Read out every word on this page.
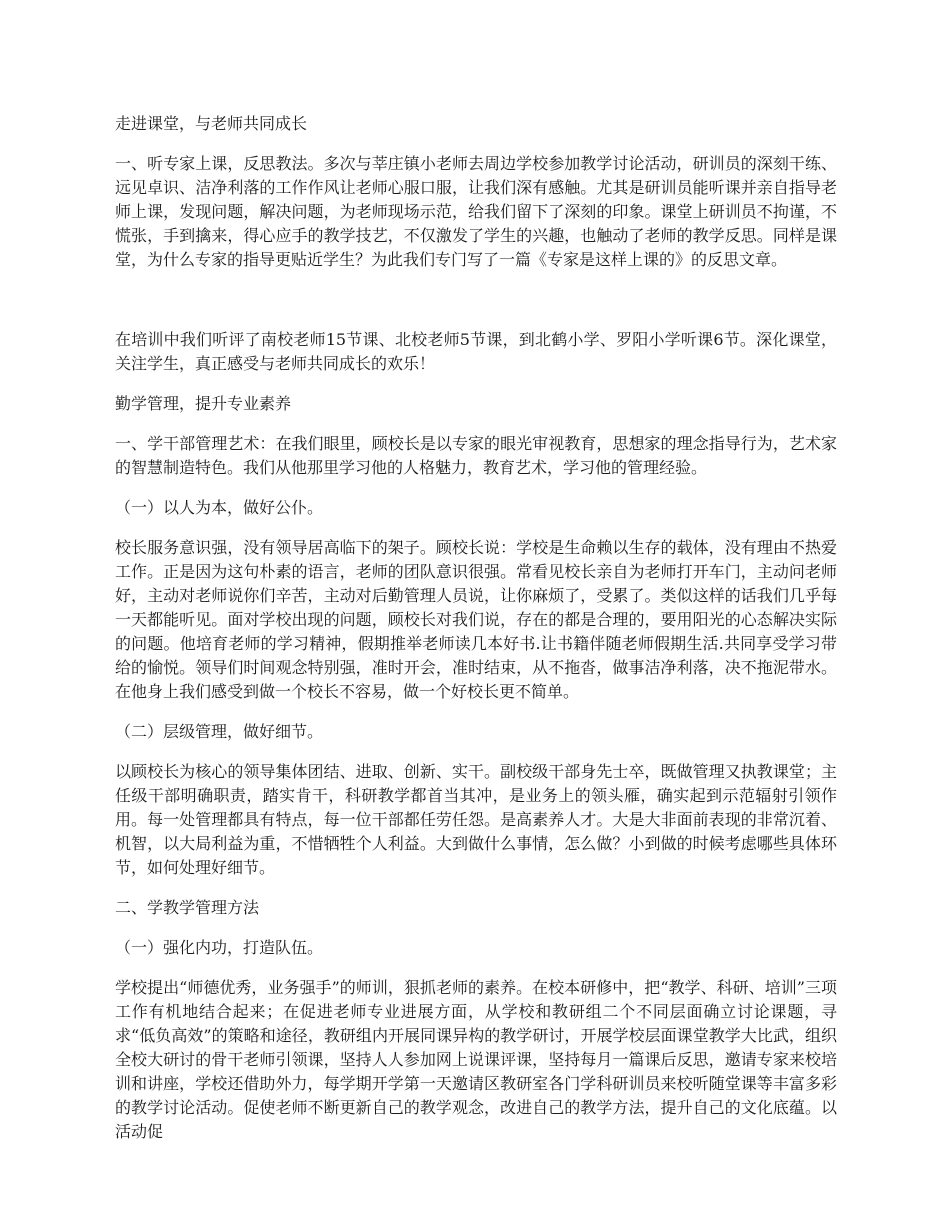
走进课堂，与老师共同成长

一、听专家上课，反思教法。多次与莘庄镇小老师去周边学校参加教学讨论活动，研训员的深刻干练、远见卓识、洁净利落的工作作风让老师心服口服，让我们深有感触。尤其是研训员能听课并亲自指导老师上课，发现问题，解决问题，为老师现场示范，给我们留下了深刻的印象。课堂上研训员不拘谨，不慌张，手到擒来，得心应手的教学技艺，不仅激发了学生的兴趣，也触动了老师的教学反思。同样是课堂，为什么专家的指导更贴近学生？为此我们专门写了一篇《专家是这样上课的》的反思文章。

在培训中我们听评了南校老师15节课、北校老师5节课，到北鹤小学、罗阳小学听课6节。深化课堂，关注学生，真正感受与老师共同成长的欢乐！

勤学管理，提升专业素养

一、学干部管理艺术：在我们眼里，顾校长是以专家的眼光审视教育，思想家的理念指导行为，艺术家的智慧制造特色。我们从他那里学习他的人格魅力，教育艺术，学习他的管理经验。

（一）以人为本，做好公仆。

校长服务意识强，没有领导居高临下的架子。顾校长说：学校是生命赖以生存的载体，没有理由不热爱工作。正是因为这句朴素的语言，老师的团队意识很强。常看见校长亲自为老师打开车门，主动问老师好，主动对老师说你们辛苦，主动对后勤管理人员说，让你麻烦了，受累了。类似这样的话我们几乎每一天都能听见。面对学校出现的问题，顾校长对我们说，存在的都是合理的，要用阳光的心态解决实际的问题。他培育老师的学习精神，假期推举老师读几本好书.让书籍伴随老师假期生活.共同享受学习带给的愉悦。领导们时间观念特别强，准时开会，准时结束，从不拖沓，做事洁净利落，决不拖泥带水。在他身上我们感受到做一个校长不容易，做一个好校长更不简单。

（二）层级管理，做好细节。

以顾校长为核心的领导集体团结、进取、创新、实干。副校级干部身先士卒，既做管理又执教课堂；主任级干部明确职责，踏实肯干，科研教学都首当其冲，是业务上的领头雁，确实起到示范辐射引领作用。每一处管理都具有特点，每一位干部都任劳任怨。是高素养人才。大是大非面前表现的非常沉着、机智，以大局利益为重，不惜牺牲个人利益。大到做什么事情，怎么做？小到做的时候考虑哪些具体环节，如何处理好细节。

二、学教学管理方法

（一）强化内功，打造队伍。

学校提出“师德优秀，业务强手”的师训，狠抓老师的素养。在校本研修中，把“教学、科研、培训”三项工作有机地结合起来；在促进老师专业进展方面，从学校和教研组二个不同层面确立讨论课题，寻求“低负高效”的策略和途径，教研组内开展同课异构的教学研讨，开展学校层面课堂教学大比武，组织全校大研讨的骨干老师引领课，坚持人人参加网上说课评课，坚持每月一篇课后反思，邀请专家来校培训和讲座，学校还借助外力，每学期开学第一天邀请区教研室各门学科研训员来校听随堂课等丰富多彩的教学讨论活动。促使老师不断更新自己的教学观念，改进自己的教学方法，提升自己的文化底蕴。以活动促
